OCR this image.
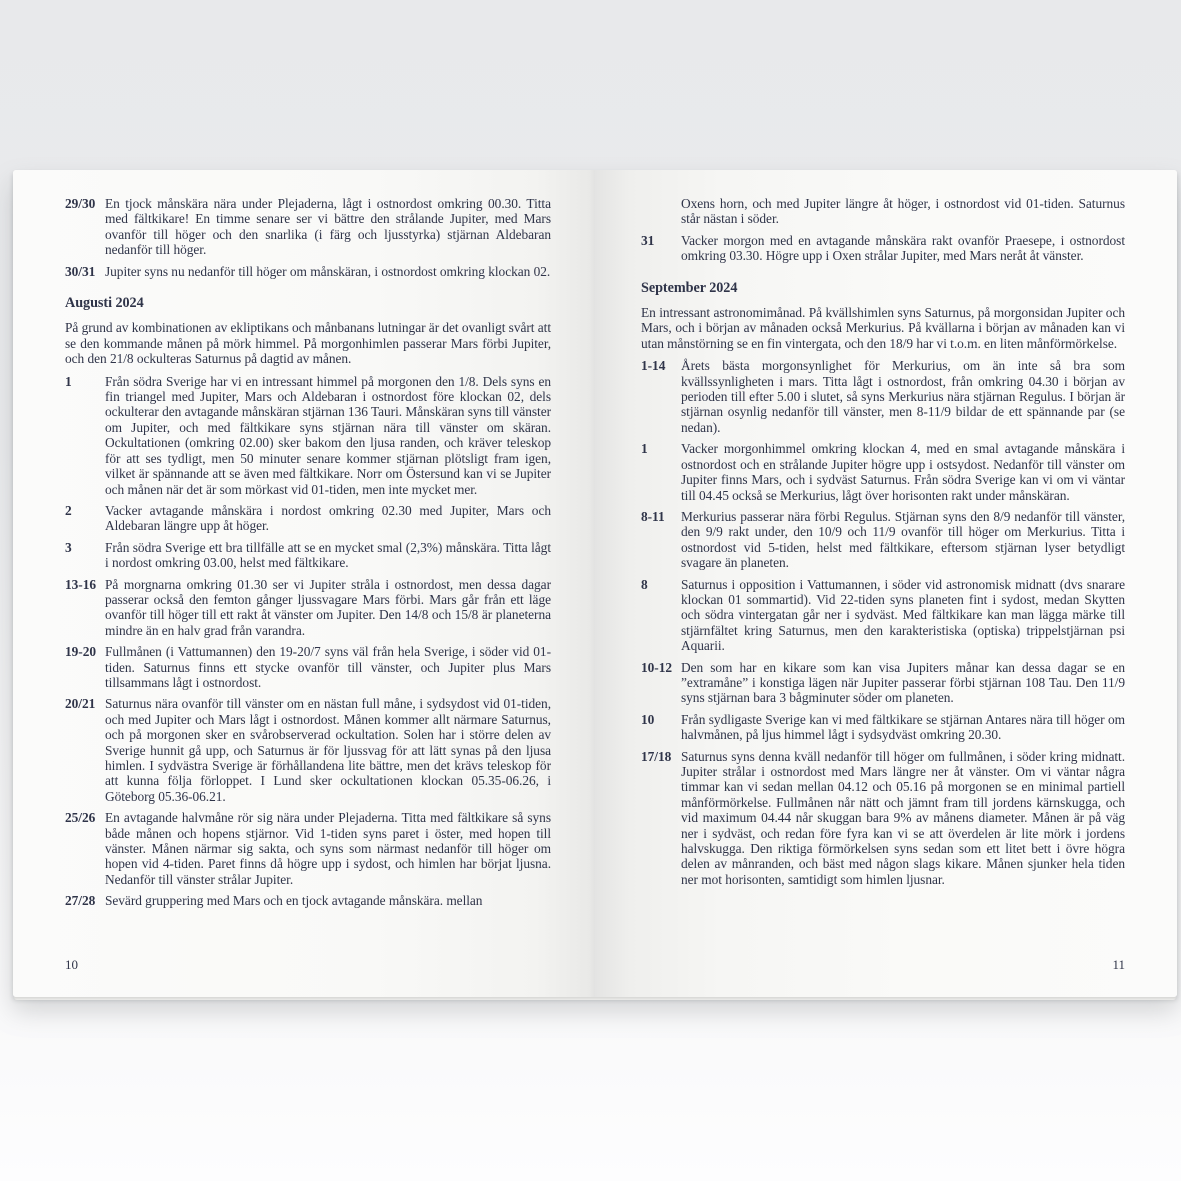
29/30 En tjock månskära nära under Plejaderna, lågt i ostnordost omkring 00.30. Titta med fältkikare! En timme senare ser vi bättre den strålande Jupiter, med Mars ovanför till höger och den snarlika (i färg och ljusstyrka) stjärnan Aldebaran nedanför till höger.

30/31 Jupiter syns nu nedanför till höger om månskäran, i ostnordost omkring klockan 02.

Augusti 2024

På grund av kombinationen av ekliptikans och månbanans lutningar är det ovanligt svårt att se den kommande månen på mörk himmel. På morgonhimlen passerar Mars förbi Jupiter, och den 21/8 ockulteras Saturnus på dagtid av månen.

1	Från södra Sverige har vi en intressant himmel på morgonen den 1/8. Dels syns en fin triangel med Jupiter, Mars och Aldebaran i ostnordost före klockan 02, dels ockulterar den avtagande månskäran stjärnan 136 Tauri. Månskäran syns till vänster om Jupiter, och med fältkikare syns stjärnan nära till vänster om skäran. Ockultationen (omkring 02.00) sker bakom den ljusa randen, och kräver teleskop för att ses tydligt, men 50 minuter senare kommer stjärnan plötsligt fram igen, vilket är spännande att se även med fältkikare. Norr om Östersund kan vi se Jupiter och månen när det är som mörkast vid 01-tiden, men inte mycket mer.

2	Vacker avtagande månskära i nordost omkring 02.30 med Jupiter, Mars och Aldebaran längre upp åt höger.

3	Från södra Sverige ett bra tillfälle att se en mycket smal (2,3%) månskära. Titta lågt i nordost omkring 03.00, helst med fältkikare.

13-16 På morgnarna omkring 01.30 ser vi Jupiter stråla i ostnordost, men dessa dagar passerar också den femton gånger ljussvagare Mars förbi. Mars går från ett läge ovanför till höger till ett rakt åt vänster om Jupiter. Den 14/8 och 15/8 är planeterna mindre än en halv grad från varandra.

19-20 Fullmånen (i Vattumannen) den 19-20/7 syns väl från hela Sverige, i söder vid 01-tiden. Saturnus finns ett stycke ovanför till vänster, och Jupiter plus Mars tillsammans lågt i ostnordost.

20/21 Saturnus nära ovanför till vänster om en nästan full måne, i sydsydost vid 01-tiden, och med Jupiter och Mars lågt i ostnordost. Månen kommer allt närmare Saturnus, och på morgonen sker en svårobserverad ockultation. Solen har i större delen av Sverige hunnit gå upp, och Saturnus är för ljussvag för att lätt synas på den ljusa himlen. I sydvästra Sverige är förhållandena lite bättre, men det krävs teleskop för att kunna följa förloppet. I Lund sker ockultationen klockan 05.35-06.26, i Göteborg 05.36-06.21.

25/26 En avtagande halvmåne rör sig nära under Plejaderna. Titta med fältkikare så syns både månen och hopens stjärnor. Vid 1-tiden syns paret i öster, med hopen till vänster. Månen närmar sig sakta, och syns som närmast nedanför till höger om hopen vid 4-tiden. Paret finns då högre upp i sydost, och himlen har börjat ljusna. Nedanför till vänster strålar Jupiter.

27/28 Sevärd gruppering med Mars och en tjock avtagande månskära. mellan

10

Oxens horn, och med Jupiter längre åt höger, i ostnordost vid 01-tiden. Saturnus står nästan i söder.

31	Vacker morgon med en avtagande månskära rakt ovanför Praesepe, i ostnordost omkring 03.30. Högre upp i Oxen strålar Jupiter, med Mars neråt åt vänster.

September 2024

En intressant astronomimånad. På kvällshimlen syns Saturnus, på morgonsidan Jupiter och Mars, och i början av månaden också Merkurius. På kvällarna i början av månaden kan vi utan månstörning se en fin vintergata, och den 18/9 har vi t.o.m. en liten månförmörkelse.

1-14	Årets bästa morgonsynlighet för Merkurius, om än inte så bra som kvällssynligheten i mars. Titta lågt i ostnordost, från omkring 04.30 i början av perioden till efter 5.00 i slutet, så syns Merkurius nära stjärnan Regulus. I början är stjärnan osynlig nedanför till vänster, men 8-11/9 bildar de ett spännande par (se nedan).

1	Vacker morgonhimmel omkring klockan 4, med en smal avtagande månskära i ostnordost och en strålande Jupiter högre upp i ostsydost. Nedanför till vänster om Jupiter finns Mars, och i sydväst Saturnus. Från södra Sverige kan vi om vi väntar till 04.45 också se Merkurius, lågt över horisonten rakt under månskäran.

8-11	Merkurius passerar nära förbi Regulus. Stjärnan syns den 8/9 nedanför till vänster, den 9/9 rakt under, den 10/9 och 11/9 ovanför till höger om Merkurius. Titta i ostnordost vid 5-tiden, helst med fältkikare, eftersom stjärnan lyser betydligt svagare än planeten.

8	Saturnus i opposition i Vattumannen, i söder vid astronomisk midnatt (dvs snarare klockan 01 sommartid). Vid 22-tiden syns planeten fint i sydost, medan Skytten och södra vintergatan går ner i sydväst. Med fältkikare kan man lägga märke till stjärnfältet kring Saturnus, men den karakteristiska (optiska) trippelstjärnan psi Aquarii.

10-12 Den som har en kikare som kan visa Jupiters månar kan dessa dagar se en ”extramåne” i konstiga lägen när Jupiter passerar förbi stjärnan 108 Tau. Den 11/9 syns stjärnan bara 3 bågminuter söder om planeten.

10	Från sydligaste Sverige kan vi med fältkikare se stjärnan Antares nära till höger om halvmånen, på ljus himmel lågt i sydsydväst omkring 20.30.

17/18 Saturnus syns denna kväll nedanför till höger om fullmånen, i söder kring midnatt. Jupiter strålar i ostnordost med Mars längre ner åt vänster. Om vi väntar några timmar kan vi sedan mellan 04.12 och 05.16 på morgonen se en minimal partiell månförmörkelse. Fullmånen når nätt och jämnt fram till jordens kärnskugga, och vid maximum 04.44 når skuggan bara 9% av månens diameter. Månen är på väg ner i sydväst, och redan före fyra kan vi se att överdelen är lite mörk i jordens halvskugga. Den riktiga förmörkelsen syns sedan som ett litet bett i övre högra delen av månranden, och bäst med någon slags kikare. Månen sjunker hela tiden ner mot horisonten, samtidigt som himlen ljusnar.

11
